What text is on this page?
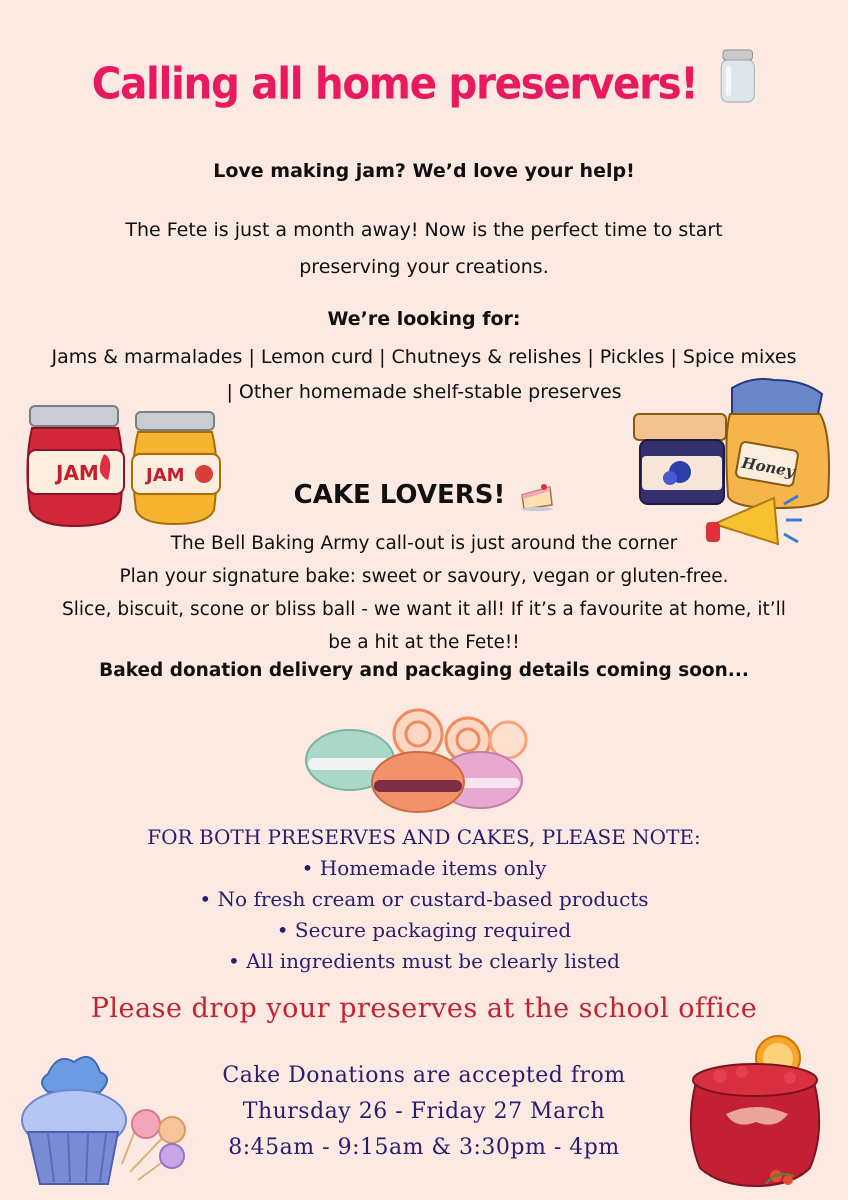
Calling all home preservers!
Love making jam? We’d love your help!
The Fete is just a month away! Now is the perfect time to start preserving your creations.
We’re looking for:
Jams & marmalades | Lemon curd | Chutneys & relishes | Pickles | Spice mixes | Other homemade shelf-stable preserves
JAM	JAM	Honey
CAKE LOVERS!
The Bell Baking Army call-out is just around the corner
Plan your signature bake: sweet or savoury, vegan or gluten-free.
Slice, biscuit, scone or bliss ball - we want it all! If it’s a favourite at home, it’ll be a hit at the Fete!!
Baked donation delivery and packaging details coming soon...
FOR BOTH PRESERVES AND CAKES, PLEASE NOTE:
• Homemade items only
• No fresh cream or custard-based products
• Secure packaging required
• All ingredients must be clearly listed
Please drop your preserves at the school office
Cake Donations are accepted from
Thursday 26 - Friday 27 March
8:45am - 9:15am & 3:30pm - 4pm
